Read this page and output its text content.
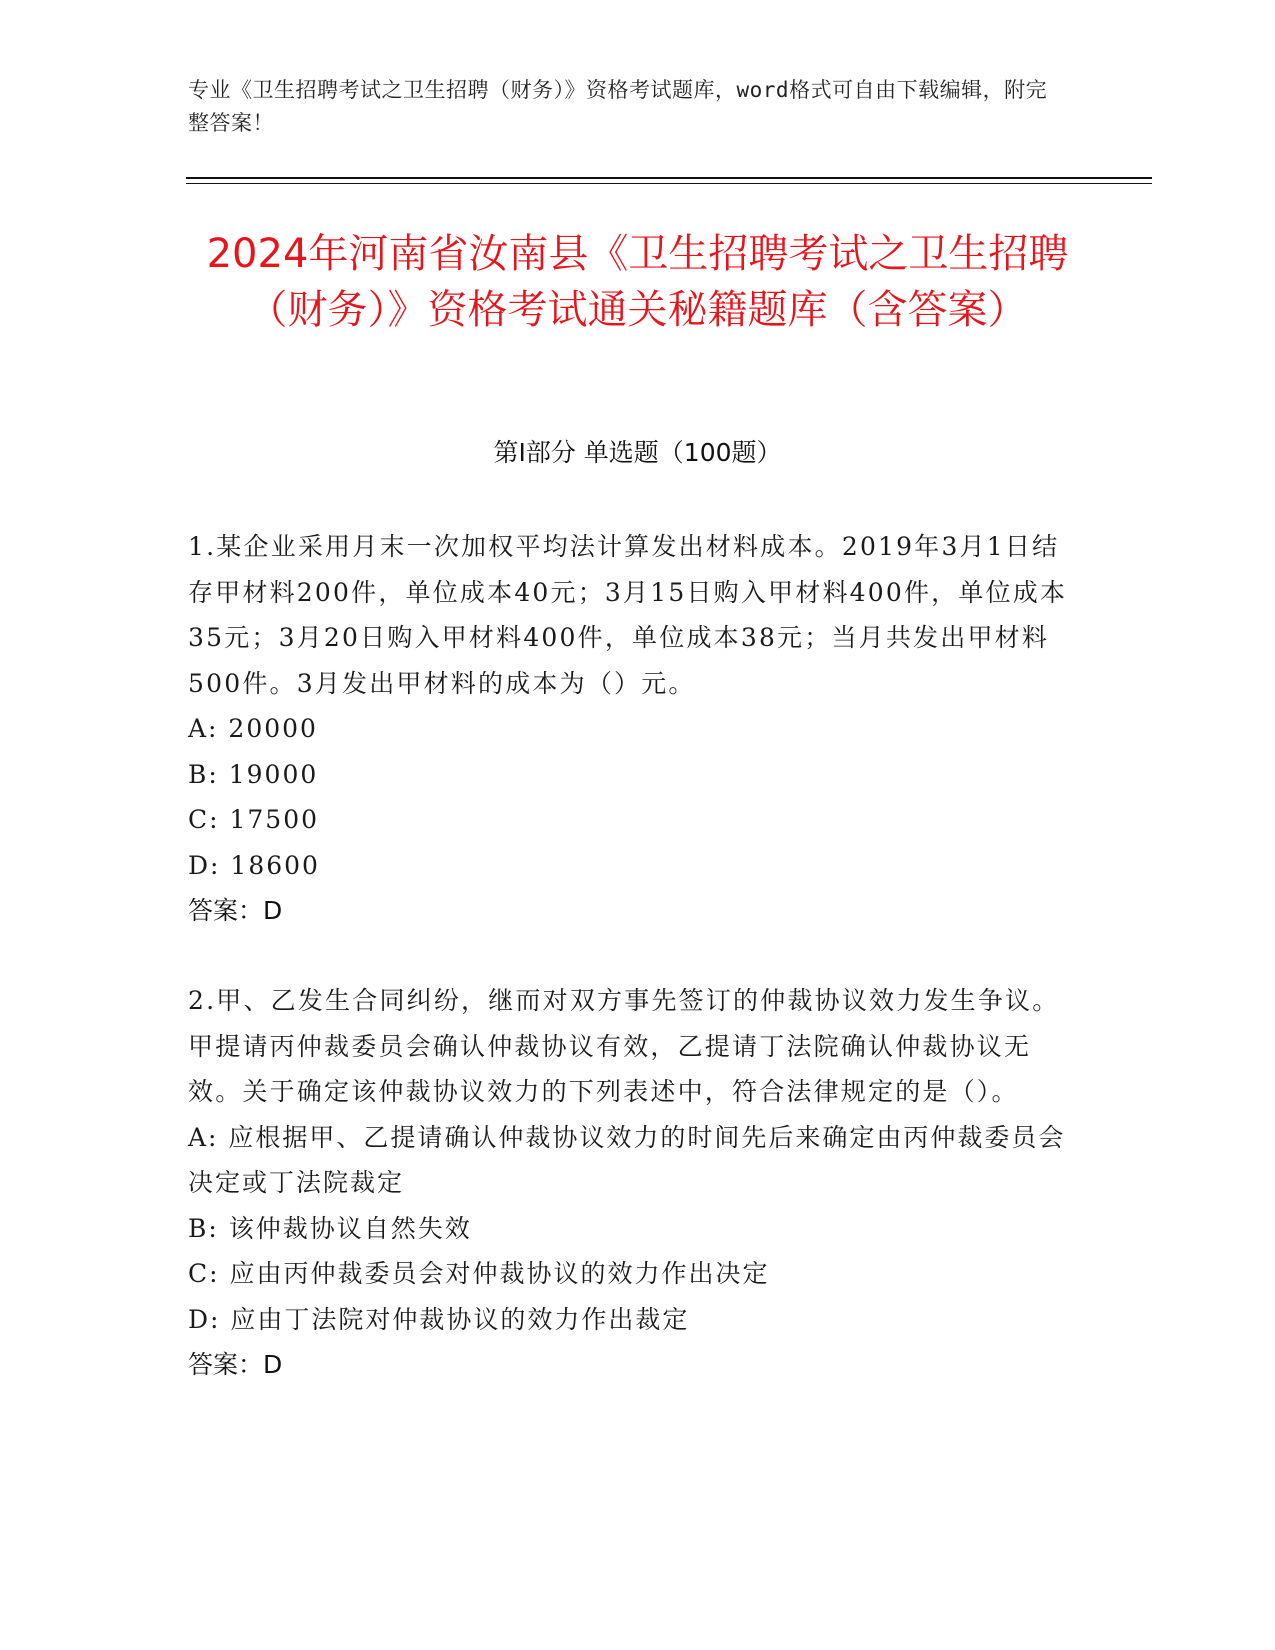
专业《卫生招聘考试之卫生招聘（财务）》资格考试题库，word格式可自由下载编辑，附完整答案！
2024年河南省汝南县《卫生招聘考试之卫生招聘（财务）》资格考试通关秘籍题库（含答案）
第Ⅰ部分 单选题（100题）

1.某企业采用月末一次加权平均法计算发出材料成本。2019年3月1日结存甲材料200件，单位成本40元；3月15日购入甲材料400件，单位成本35元；3月20日购入甲材料400件，单位成本38元；当月共发出甲材料500件。3月发出甲材料的成本为（）元。

A: 20000

B: 19000

C: 17500

D: 18600

答案：D

2.甲、乙发生合同纠纷，继而对双方事先签订的仲裁协议效力发生争议。甲提请丙仲裁委员会确认仲裁协议有效，乙提请丁法院确认仲裁协议无效。关于确定该仲裁协议效力的下列表述中，符合法律规定的是（）。

A: 应根据甲、乙提请确认仲裁协议效力的时间先后来确定由丙仲裁委员会决定或丁法院裁定

B: 该仲裁协议自然失效

C: 应由丙仲裁委员会对仲裁协议的效力作出决定

D: 应由丁法院对仲裁协议的效力作出裁定

答案：D
